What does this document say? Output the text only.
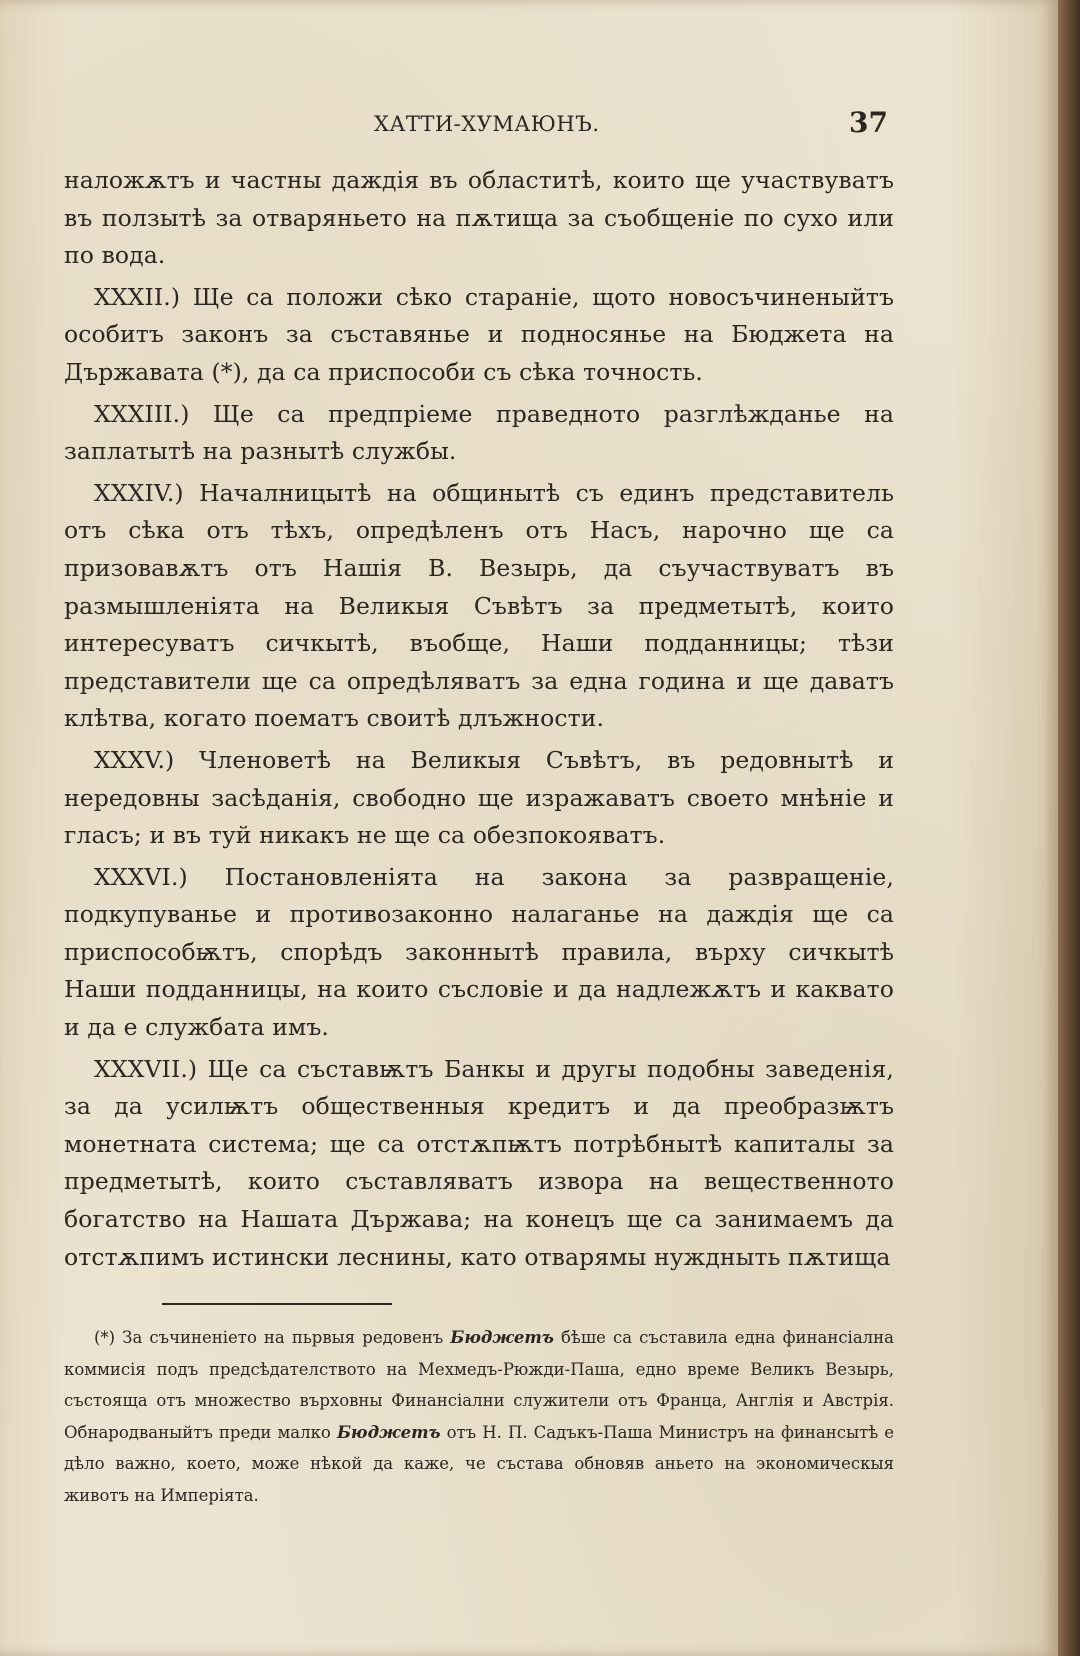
ХАТТИ-ХУМАЮНЪ.	37

наложѫтъ и частны даждія въ областитѣ, които ще участвуватъ въ ползытѣ за отваряньето на пѫтища за съобщеніе по сухо или по вода.

XXXII.) Ще са положи сѣко стараніе, щото новосъчиненыйтъ особитъ законъ за съставянье и подносянье на Бюджета на Държавата (*), да са приспособи съ сѣка точность.

XXXIII.) Ще са предпріеме праведното разглѣжданье на заплатытѣ на разнытѣ службы.

XXXIV.) Началницытѣ на общинытѣ съ единъ представитель отъ сѣка отъ тѣхъ, опредѣленъ отъ Насъ, нарочно ще са призовавѫтъ отъ Нашія В. Везырь, да съучаствуватъ въ размышленіята на Великыя Съвѣтъ за предметытѣ, които интересуватъ сичкытѣ, въобще, Наши подданницы; тѣзи представители ще са опредѣляватъ за една година и ще даватъ клѣтва, когато поематъ своитѣ длъжности.

XXXV.) Членоветѣ на Великыя Съвѣтъ, въ редовнытѣ и нередовны засѣданія, свободно ще изражаватъ своето мнѣніе и гласъ; и въ туй никакъ не ще са обезпокояватъ.

XXXVI.) Постановленіята на закона за развращеніе, подкупуванье и противозаконно налаганье на даждія ще са приспособѭтъ, спорѣдъ законнытѣ правила, върху сичкытѣ Наши подданницы, на които съсловіе и да надлежѫтъ и каквато и да е службата имъ.

XXXVII.) Ще са съставѭтъ Банкы и другы подобны заведенія, за да усилѭтъ общественныя кредитъ и да преобразѭтъ монетната система; ще са отстѫпѭтъ потрѣбнытѣ капиталы за предметытѣ, които съставляватъ извора на вещественното богатство на Нашата Държава; на конецъ ще са занимаемъ да отстѫпимъ истински леснины, като отварямы нуждныть пѫтища

(*) За съчиненіето на пьрвыя редовенъ Бюджетъ бѣше са съставила една финансіална коммисія подъ предсѣдателството на Мехмедъ-Рюжди-Паша, едно време Великъ Везырь, състояща отъ множество върховны Финансіални служители отъ Франца, Англія и Австрія. Обнародваныйтъ преди малко Бюджетъ отъ Н. П. Садъкъ-Паша Министръ на финансытѣ е дѣло важно, което, може нѣкой да каже, че състава обновяв аньето на экономическыя животъ на Имперіята.
